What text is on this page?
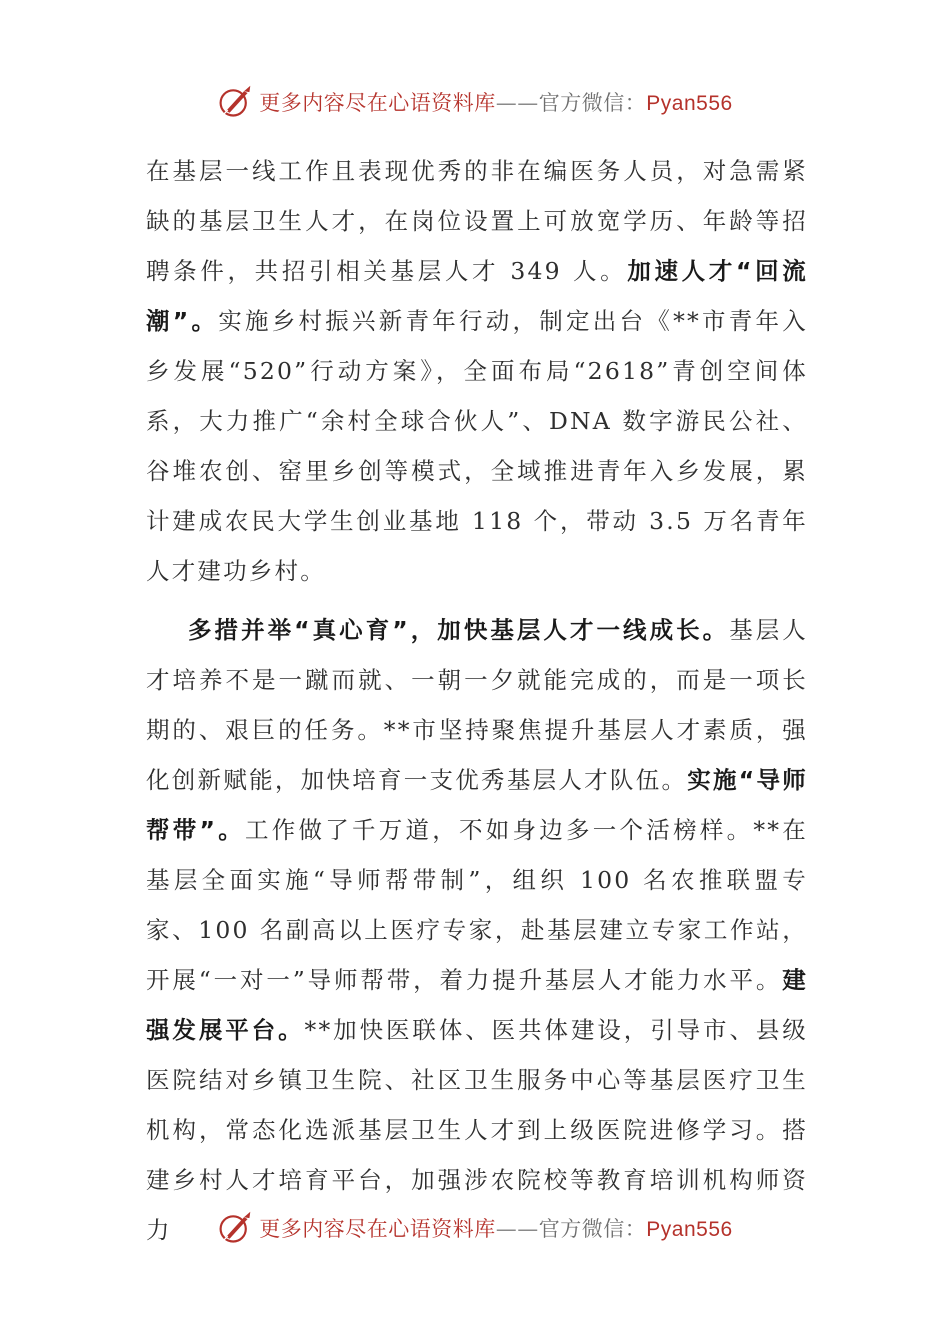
更多内容尽在心语资料库 —— 官方微信： Pyan556

在基层一线工作且表现优秀的非在编医务人员，对急需紧缺的基层卫生人才，在岗位设置上可放宽学历、年龄等招聘条件，共招引相关基层人才 349 人。加速人才“回流潮”。实施乡村振兴新青年行动，制定出台《**市青年入乡发展“520”行动方案》，全面布局“2618”青创空间体系，大力推广“余村全球合伙人”、DNA 数字游民公社、谷堆农创、窑里乡创等模式，全域推进青年入乡发展，累计建成农民大学生创业基地 118 个，带动 3.5 万名青年人才建功乡村。

多措并举“真心育”，加快基层人才一线成长。基层人才培养不是一蹴而就、一朝一夕就能完成的，而是一项长期的、艰巨的任务。**市坚持聚焦提升基层人才素质，强化创新赋能，加快培育一支优秀基层人才队伍。实施“导师帮带”。工作做了千万道，不如身边多一个活榜样。**在基层全面实施“导师帮带制”，组织 100 名农推联盟专家、100 名副高以上医疗专家，赴基层建立专家工作站，开展“一对一”导师帮带，着力提升基层人才能力水平。建强发展平台。**加快医联体、医共体建设，引导市、县级医院结对乡镇卫生院、社区卫生服务中心等基层医疗卫生机构，常态化选派基层卫生人才到上级医院进修学习。搭建乡村人才培育平台，加强涉农院校等教育培训机构师资力	更多内容尽在心语资料库 —— 官方微信： Pyan556
